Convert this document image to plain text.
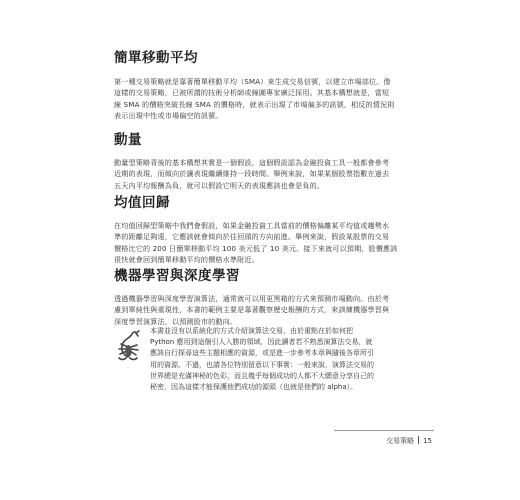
簡單移動平均
第一種交易策略就是靠著簡單移動平均（SMA）來生成交易信號，以建立市場部位。像
這樣的交易策略，已被所謂的技術分析師或線圖專家廣泛採用。其基本構想就是，當短
線 SMA 的價格突破長線 SMA 的價格時，就表示出現了市場偏多的訊號，相反的情況則
表示出現中性或市場偏空的訊號。
動量
動量型策略背後的基本構想其實是一個假設，這個假設認為金融投資工具一般都會參考
近期的表現，而傾向於讓表現繼續維持一段時間。舉例來說，如果某個股票指數在過去
五天內平均報酬為負，就可以假設它明天的表現應該也會是負的。
均值回歸
在均值回歸型策略中我們會假設，如果金融投資工具當前的價格偏離某平均值或趨勢水
準的距離足夠遠，它應該就會傾向於往回頭的方向前進。舉例來說，假設某股票的交易
價格比它的 200 日簡單移動平均 100 美元低了 10 美元。接下來就可以預期，股價應該
很快就會回到簡單移動平均的價格水準附近。
機器學習與深度學習
透過機器學習與深度學習演算法，通常就可以用更黑箱的方式來預測市場動向。由於考
慮到單純性與重現性，本書的範例主要是靠著觀察歷史報酬的方式，來訓練機器學習與
深度學習演算法，以預測股市的動向。
本書並沒有以系統化的方式介紹演算法交易，由於重點在於如何把
Python 應用到這個引人入勝的領域，因此讀者若不熟悉演算法交易，就
應該自行探尋這些主題相應的資源，或是進一步參考本章與隨後各章所引
用的資源。不過，也請各位特別留意以下事實：一般來說，演算法交易的
世界總是充滿神秘的色彩，而且幾乎每個成功的人都不大願意分享自己的
秘密，因為這樣才能保護他們成功的源頭（也就是他們的 alpha）。
交易策略 15
